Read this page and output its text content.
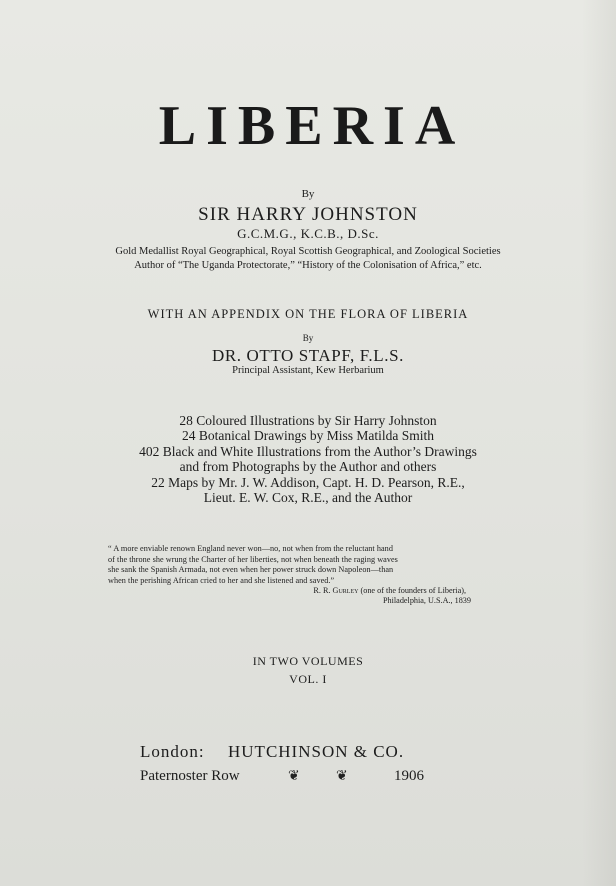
LIBERIA

By

SIR HARRY JOHNSTON

G.C.M.G., K.C.B., D.Sc.

Gold Medallist Royal Geographical, Royal Scottish Geographical, and Zoological Societies

Author of “The Uganda Protectorate,” “History of the Colonisation of Africa,” etc.

WITH AN APPENDIX ON THE FLORA OF LIBERIA

By

DR. OTTO STAPF, F.L.S.

Principal Assistant, Kew Herbarium

28 Coloured Illustrations by Sir Harry Johnston
24 Botanical Drawings by Miss Matilda Smith
402 Black and White Illustrations from the Author’s Drawings
and from Photographs by the Author and others
22 Maps by Mr. J. W. Addison, Capt. H. D. Pearson, R.E.,
Lieut. E. W. Cox, R.E., and the Author
“ A more enviable renown England never won—no, not when from the reluctant hand
of the throne she wrung the Charter of her liberties, not when beneath the raging waves
she sank the Spanish Armada, not even when her power struck down Napoleon—than
when the perishing African cried to her and she listened and saved.”
R. R. Gurley (one of the founders of Liberia),
Philadelphia, U.S.A., 1839

IN TWO VOLUMES

VOL. I

London: HUTCHINSON & CO.
Paternoster Row	❦	❦	1906
